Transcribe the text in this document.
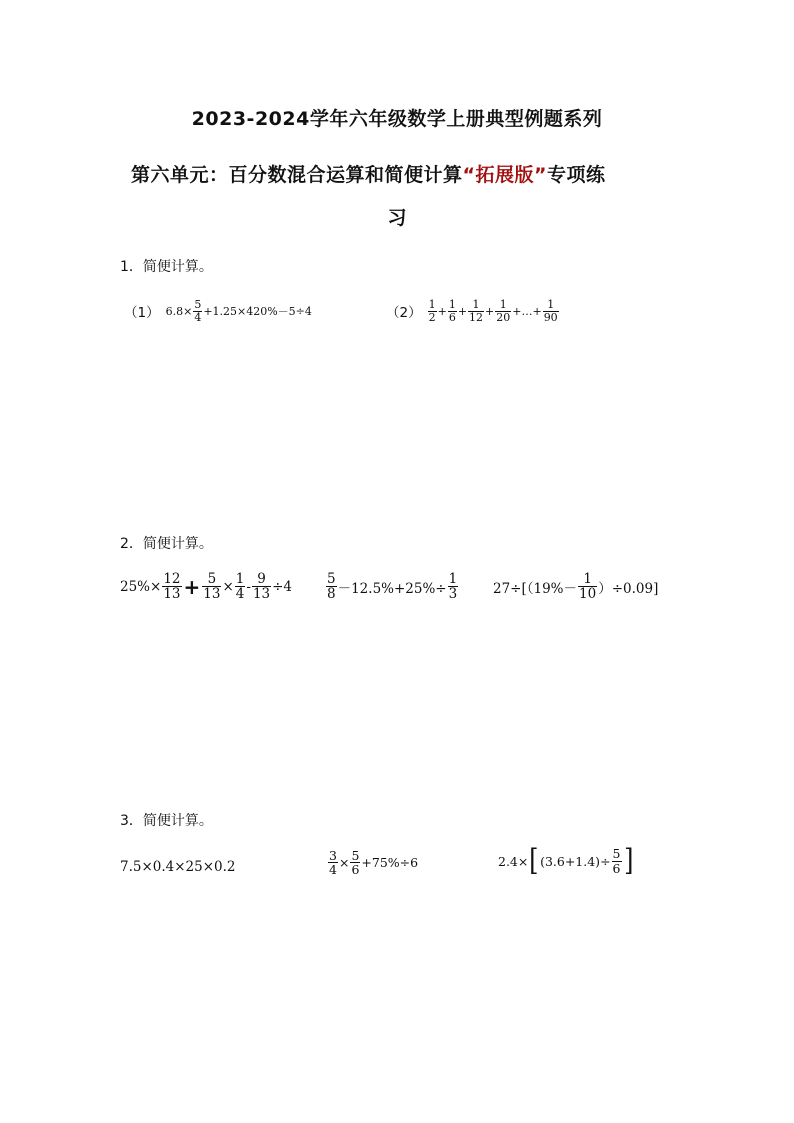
2023-2024学年六年级数学上册典型例题系列
第六单元：百分数混合运算和简便计算“拓展版”专项练
习
1．简便计算。
（1） $6.8\times \frac{5}{4} +1.25\times 420\%-5\div 4$	$(2) \frac{1}{2} + \frac{1}{6} + \frac{1}{12} + \frac{1}{20}$ +…+ $\frac{1}{90}$
2．简便计算。
$25\%\times \frac{12}{13} + \frac{5}{13} \times \frac{1}{4} - \frac{9}{13} \div 4$	$\frac{5}{8} -12.5\%+25\%\div \frac{1}{3}$	$27\div[(19\%- \frac{1}{10} )\div 0.09]$
3．简便计算。
7.5×0.4×25×0.2	$\frac{3}{4} \times \frac{5}{6} +75\%\div 6$	2.4× [ $(3.6+1.4)\div \frac{5}{6}$ ]
